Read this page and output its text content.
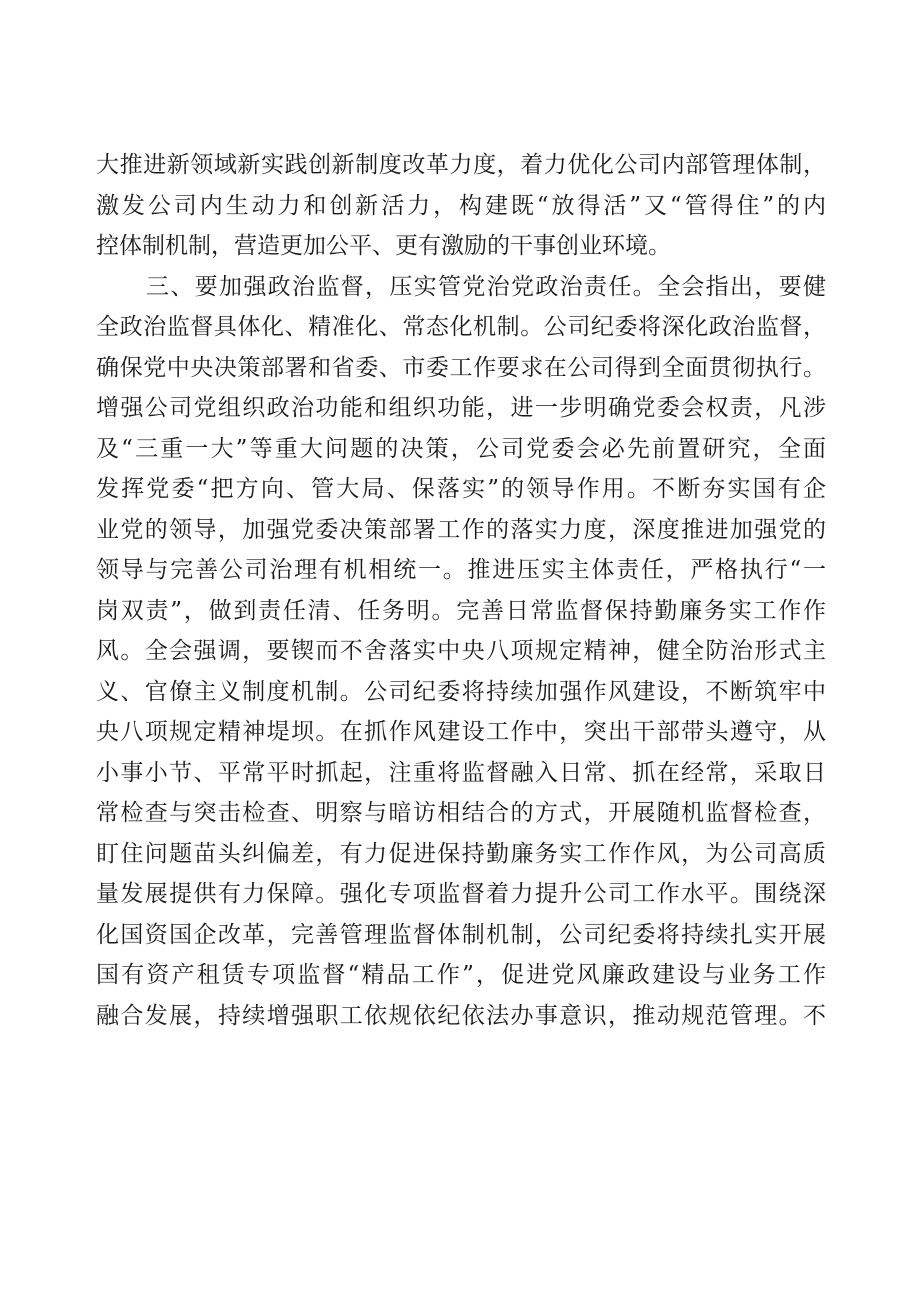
大推进新领域新实践创新制度改革力度，着力优化公司内部管理体制，
激发公司内生动力和创新活力，构建既“放得活”又“管得住”的内
控体制机制，营造更加公平、更有激励的干事创业环境。
三、要加强政治监督，压实管党治党政治责任。全会指出，要健
全政治监督具体化、精准化、常态化机制。公司纪委将深化政治监督，
确保党中央决策部署和省委、市委工作要求在公司得到全面贯彻执行。
增强公司党组织政治功能和组织功能，进一步明确党委会权责，凡涉
及“三重一大”等重大问题的决策，公司党委会必先前置研究，全面
发挥党委“把方向、管大局、保落实”的领导作用。不断夯实国有企
业党的领导，加强党委决策部署工作的落实力度，深度推进加强党的
领导与完善公司治理有机相统一。推进压实主体责任，严格执行“一
岗双责”，做到责任清、任务明。完善日常监督保持勤廉务实工作作
风。全会强调，要锲而不舍落实中央八项规定精神，健全防治形式主
义、官僚主义制度机制。公司纪委将持续加强作风建设，不断筑牢中
央八项规定精神堤坝。在抓作风建设工作中，突出干部带头遵守，从
小事小节、平常平时抓起，注重将监督融入日常、抓在经常，采取日
常检查与突击检查、明察与暗访相结合的方式，开展随机监督检查，
盯住问题苗头纠偏差，有力促进保持勤廉务实工作作风，为公司高质
量发展提供有力保障。强化专项监督着力提升公司工作水平。围绕深
化国资国企改革，完善管理监督体制机制，公司纪委将持续扎实开展
国有资产租赁专项监督“精品工作”，促进党风廉政建设与业务工作
融合发展，持续增强职工依规依纪依法办事意识，推动规范管理。不
